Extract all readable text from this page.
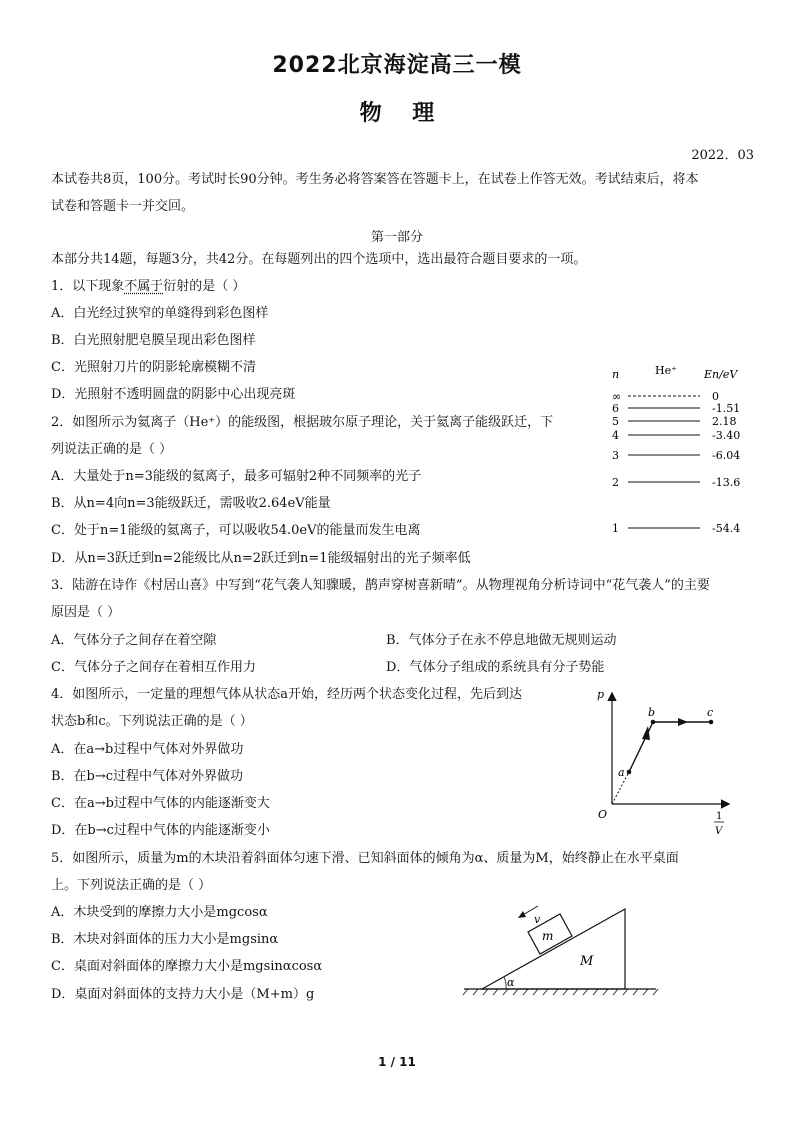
2022北京海淀高三一模
物    理
2022．03
本试卷共8页，100分。考试时长90分钟。考生务必将答案答在答题卡上，在试卷上作答无效。考试结束后，将本
试卷和答题卡一并交回。
第一部分
本部分共14题，每题3分，共42分。在每题列出的四个选项中，选出最符合题目要求的一项。
1．以下现象不属于衍射的是（ ）
A．白光经过狭窄的单缝得到彩色图样
B．白光照射肥皂膜呈现出彩色图样
C．光照射刀片的阴影轮廓模糊不清
D．光照射不透明圆盘的阴影中心出现亮斑
2．如图所示为氦离子（He⁺）的能级图，根据玻尔原子理论，关于氦离子能级跃迁，下
列说法正确的是（ ）
A．大量处于n=3能级的氦离子，最多可辐射2种不同频率的光子
B．从n=4向n=3能级跃迁，需吸收2.64eV能量
C．处于n=1能级的氦离子，可以吸收54.0eV的能量而发生电离
D．从n=3跃迁到n=2能级比从n=2跃迁到n=1能级辐射出的光子频率低
n	He⁺ En/eV
∞	0
6	-1.51
5	2.18
4	-3.40
3	-6.04
2	-13.6
1	-54.4
3．陆游在诗作《村居山喜》中写到“花气袭人知骤暖，鹊声穿树喜新晴”。从物理视角分析诗词中“花气袭人”的主要
原因是（ ）
A．气体分子之间存在着空隙	B．气体分子在永不停息地做无规则运动
C．气体分子之间存在着相互作用力	D．气体分子组成的系统具有分子势能
4．如图所示，一定量的理想气体从状态a开始，经历两个状态变化过程，先后到达
状态b和c。下列说法正确的是（ ）
A．在a→b过程中气体对外界做功
B．在b→c过程中气体对外界做功
C．在a→b过程中气体的内能逐渐变大
D．在b→c过程中气体的内能逐渐变小
p
O
a
b	c
1
V
5．如图所示，质量为m的木块沿着斜面体匀速下滑、已知斜面体的倾角为α、质量为M，始终静止在水平桌面
上。下列说法正确的是（ ）
A．木块受到的摩擦力大小是mgcosα
B．木块对斜面体的压力大小是mgsinα
C．桌面对斜面体的摩擦力大小是mgsinαcosα
D．桌面对斜面体的支持力大小是（M+m）g
v
m
M
α
1 / 11
